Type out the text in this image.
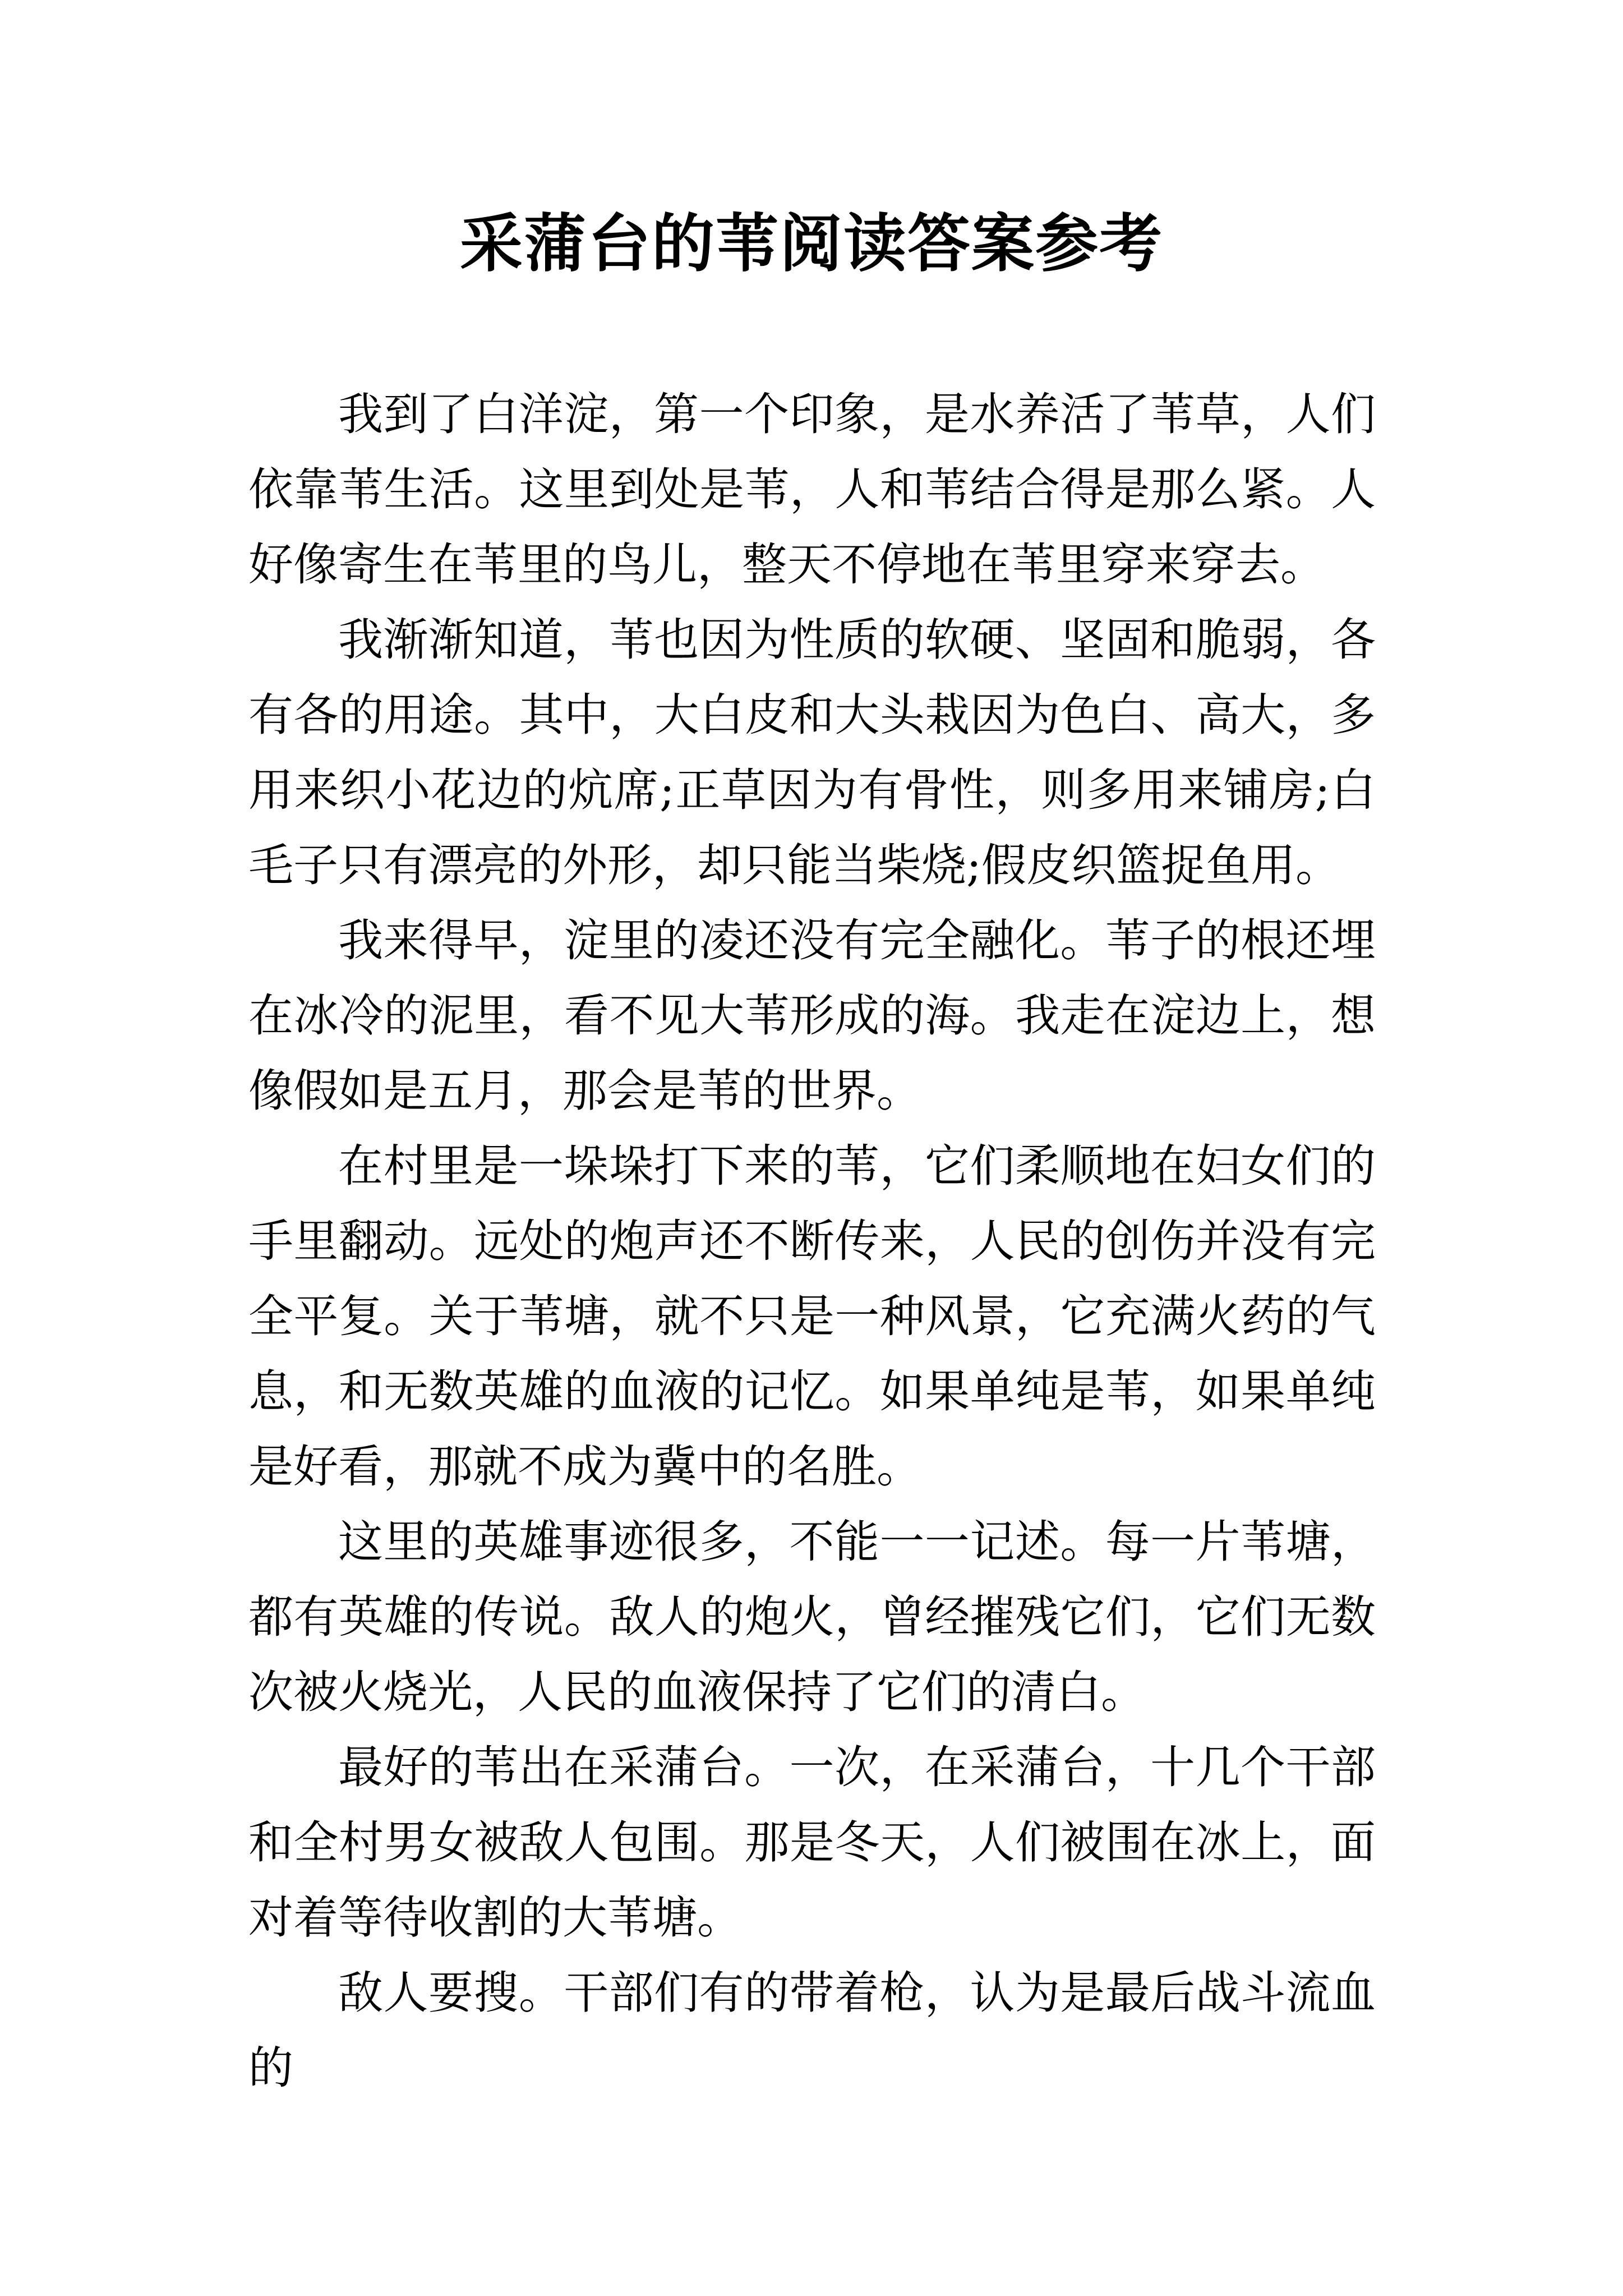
采蒲台的苇阅读答案参考

我到了白洋淀，第一个印象，是水养活了苇草，人们依靠苇生活。这里到处是苇，人和苇结合得是那么紧。人好像寄生在苇里的鸟儿，整天不停地在苇里穿来穿去。

我渐渐知道，苇也因为性质的软硬、坚固和脆弱，各有各的用途。其中，大白皮和大头栽因为色白、高大，多用来织小花边的炕席;正草因为有骨性，则多用来铺房;白毛子只有漂亮的外形，却只能当柴烧;假皮织篮捉鱼用。

我来得早，淀里的凌还没有完全融化。苇子的根还埋在冰冷的泥里，看不见大苇形成的海。我走在淀边上，想像假如是五月，那会是苇的世界。

在村里是一垛垛打下来的苇，它们柔顺地在妇女们的手里翻动。远处的炮声还不断传来，人民的创伤并没有完全平复。关于苇塘，就不只是一种风景，它充满火药的气息，和无数英雄的血液的记忆。如果单纯是苇，如果单纯是好看，那就不成为冀中的名胜。

这里的英雄事迹很多，不能一一记述。每一片苇塘，都有英雄的传说。敌人的炮火，曾经摧残它们，它们无数次被火烧光，人民的血液保持了它们的清白。

最好的苇出在采蒲台。一次，在采蒲台，十几个干部和全村男女被敌人包围。那是冬天，人们被围在冰上，面对着等待收割的大苇塘。

敌人要搜。干部们有的带着枪，认为是最后战斗流血的
